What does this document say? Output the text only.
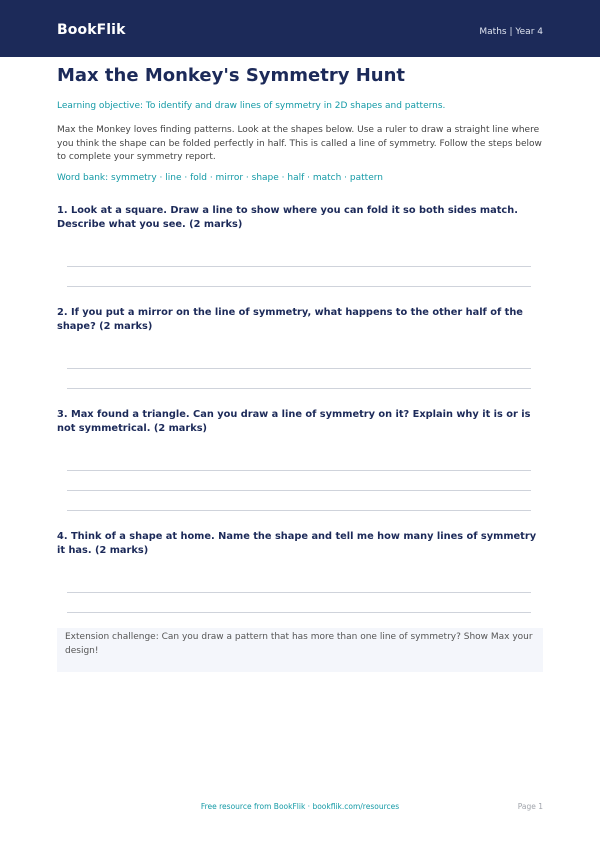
BookFlik	Maths | Year 4
Max the Monkey's Symmetry Hunt
Learning objective: To identify and draw lines of symmetry in 2D shapes and patterns.
Max the Monkey loves finding patterns. Look at the shapes below. Use a ruler to draw a straight line where you think the shape can be folded perfectly in half. This is called a line of symmetry. Follow the steps below to complete your symmetry report.
Word bank: symmetry · line · fold · mirror · shape · half · match · pattern

1. Look at a square. Draw a line to show where you can fold it so both sides match. Describe what you see. (2 marks)

2. If you put a mirror on the line of symmetry, what happens to the other half of the shape? (2 marks)

3. Max found a triangle. Can you draw a line of symmetry on it? Explain why it is or is not symmetrical. (2 marks)

4. Think of a shape at home. Name the shape and tell me how many lines of symmetry it has. (2 marks)

Extension challenge: Can you draw a pattern that has more than one line of symmetry? Show Max your design!
Free resource from BookFlik · bookflik.com/resources	Page 1
